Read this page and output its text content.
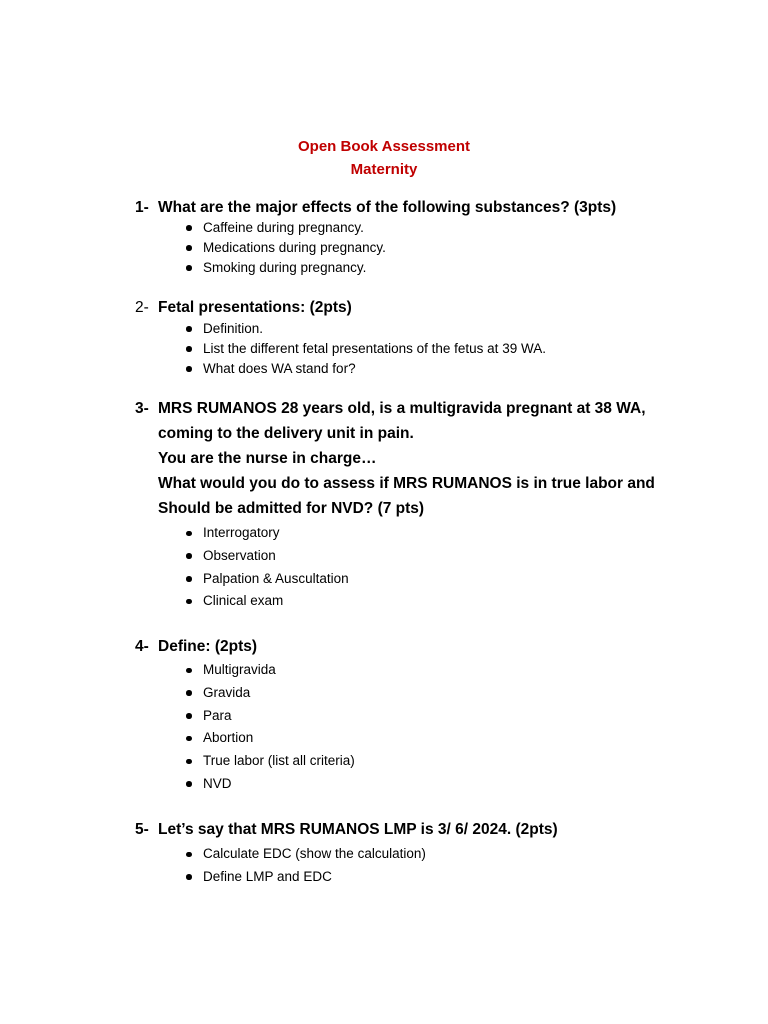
Open Book Assessment
Maternity
1- What are the major effects of the following substances? (3pts)
Caffeine during pregnancy.
Medications during pregnancy.
Smoking during pregnancy.
2- Fetal presentations: (2pts)
Definition.
List the different fetal presentations of the fetus at 39 WA.
What does WA stand for?
3- MRS RUMANOS 28 years old, is a multigravida pregnant at 38 WA,
coming to the delivery unit in pain.
You are the nurse in charge…
What would you do to assess if MRS RUMANOS is in true labor and
Should be admitted for NVD? (7 pts)
Interrogatory
Observation
Palpation & Auscultation
Clinical exam
4- Define: (2pts)
Multigravida
Gravida
Para
Abortion
True labor (list all criteria)
NVD
5- Let’s say that MRS RUMANOS LMP is 3/ 6/ 2024. (2pts)
Calculate EDC (show the calculation)
Define LMP and EDC
